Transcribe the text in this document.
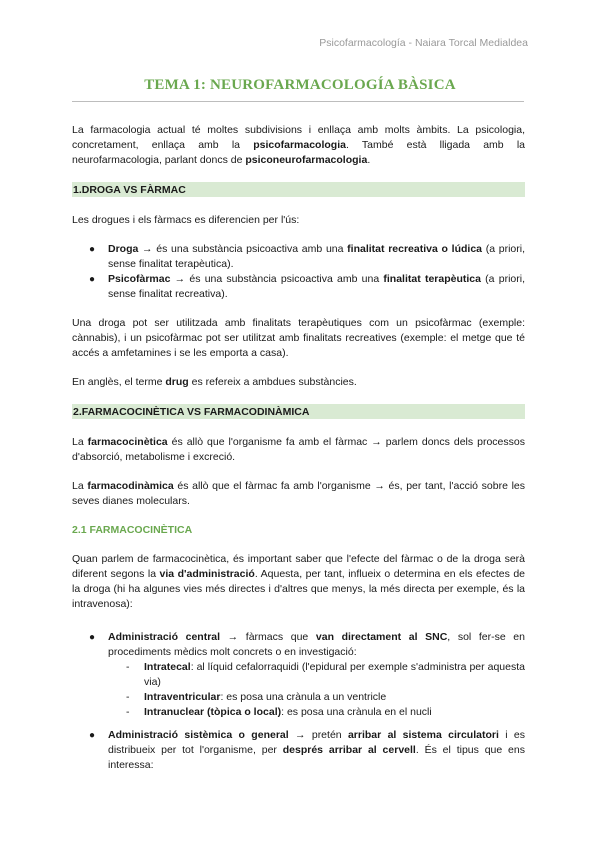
Psicofarmacología - Naiara Torcal Medialdea
TEMA 1: NEUROFARMACOLOGÍA BÀSICA

La farmacologia actual té moltes subdivisions i enllaça amb molts àmbits. La psicologia, concretament, enllaça amb la psicofarmacologia. També està lligada amb la neurofarmacologia, parlant doncs de psiconeurofarmacologia.

1.DROGA VS FÀRMAC

Les drogues i els fàrmacs es diferencien per l'ús:

● Droga → és una substància psicoactiva amb una finalitat recreativa o lúdica (a priori, sense finalitat terapèutica).
● Psicofàrmac → és una substància psicoactiva amb una finalitat terapèutica (a priori, sense finalitat recreativa).

Una droga pot ser utilitzada amb finalitats terapèutiques com un psicofàrmac (exemple: cànnabis), i un psicofàrmac pot ser utilitzat amb finalitats recreatives (exemple: el metge que té accés a amfetamines i se les emporta a casa).

En anglès, el terme drug es refereix a ambdues substàncies.

2.FARMACOCINÈTICA VS FARMACODINÀMICA

La farmacocinètica és allò que l'organisme fa amb el fàrmac → parlem doncs dels processos d'absorció, metabolisme i excreció.

La farmacodinàmica és allò que el fàrmac fa amb l'organisme → és, per tant, l'acció sobre les seves dianes moleculars.

2.1 FARMACOCINÈTICA

Quan parlem de farmacocinètica, és important saber que l'efecte del fàrmac o de la droga serà diferent segons la via d'administració. Aquesta, per tant, influeix o determina en els efectes de la droga (hi ha algunes vies més directes i d'altres que menys, la més directa per exemple, és la intravenosa):

● Administració central → fàrmacs que van directament al SNC, sol fer-se en procediments mèdics molt concrets o en investigació:
- Intratecal: al líquid cefalorraquidi (l'epidural per exemple s'administra per aquesta via)
- Intraventricular: es posa una crànula a un ventricle
- Intranuclear (tòpica o local): es posa una crànula en el nucli
● Administració sistèmica o general → pretén arribar al sistema circulatori i es distribueix per tot l'organisme, per després arribar al cervell. És el tipus que ens interessa:
